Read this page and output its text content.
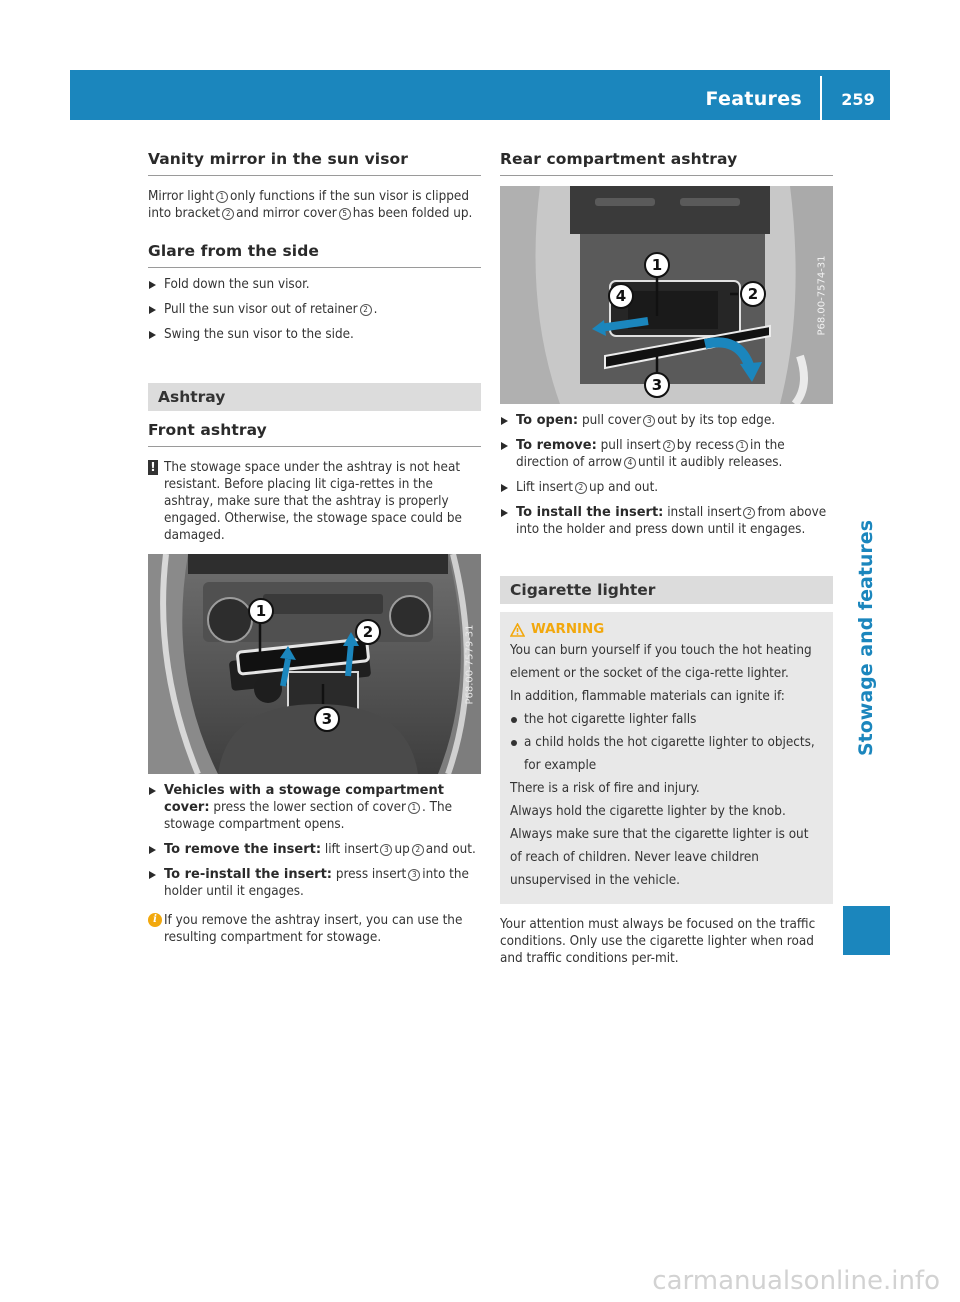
Features	259
Stowage and features
Vanity mirror in the sun visor
Mirror light 1 only functions if the sun visor is clipped into bracket 2 and mirror cover 5 has been folded up.
Glare from the side
Fold down the sun visor.
Pull the sun visor out of retainer 2 .
Swing the sun visor to the side.
Ashtray
Front ashtray
! The stowage space under the ashtray is not heat resistant. Before placing lit ciga-rettes in the ashtray, make sure that the ashtray is properly engaged. Otherwise, the stowage space could be damaged.
1
2
3
P68.00-7579-31
Vehicles with a stowage compartment cover: press the lower section of cover 1 . The stowage compartment opens.
To remove the insert: lift insert 3 up 2 and out.
To re-install the insert: press insert 3 into the holder until it engages.
i If you remove the ashtray insert, you can use the resulting compartment for stowage.
Rear compartment ashtray
1
2
3
4	P68.00-7574-31
To open: pull cover 3 out by its top edge.
To remove: pull insert 2 by recess 1 in the direction of arrow 4 until it audibly releases.
Lift insert 2 up and out.
To install the insert: install insert 2 from above into the holder and press down until it engages.
Cigarette lighter
WARNING
You can burn yourself if you touch the hot heating element or the socket of the ciga-rette lighter.
In addition, flammable materials can ignite if:
the hot cigarette lighter falls
a child holds the hot cigarette lighter to objects, for example
There is a risk of fire and injury.
Always hold the cigarette lighter by the knob. Always make sure that the cigarette lighter is out of reach of children. Never leave children unsupervised in the vehicle.
Your attention must always be focused on the traffic conditions. Only use the cigarette lighter when road and traffic conditions per-mit.
carmanualsonline.info
